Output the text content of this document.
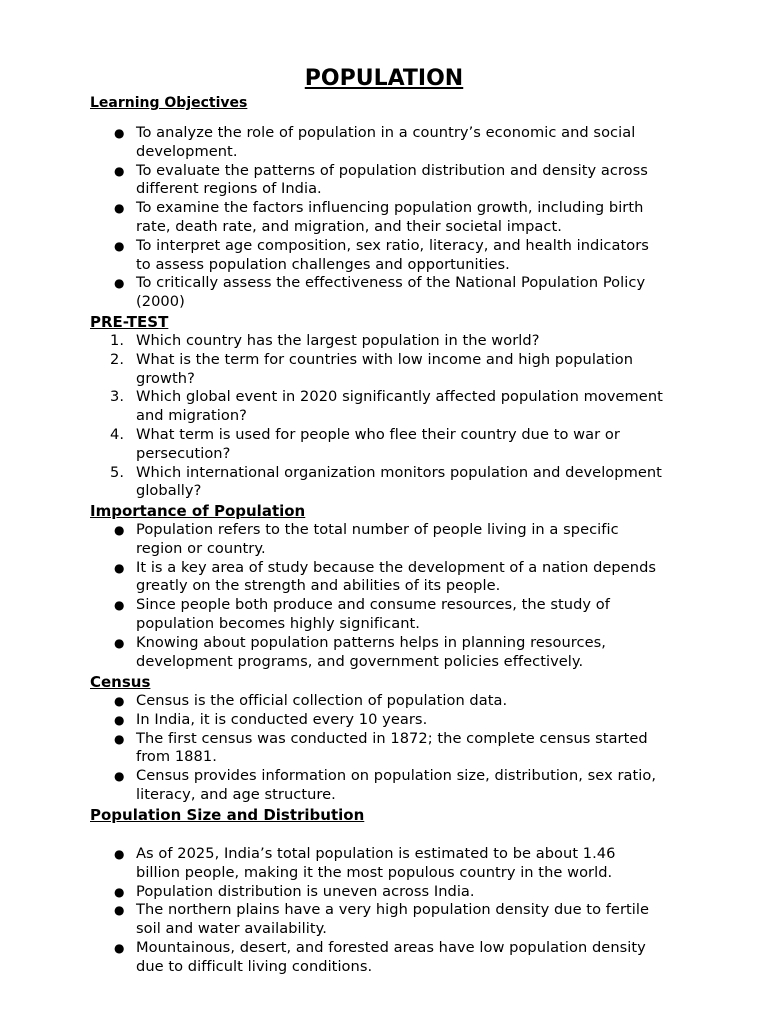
POPULATION

Learning Objectives

● To analyze the role of population in a country’s economic and social
development.
● To evaluate the patterns of population distribution and density across
different regions of India.
● To examine the factors influencing population growth, including birth
rate, death rate, and migration, and their societal impact.
● To interpret age composition, sex ratio, literacy, and health indicators
to assess population challenges and opportunities.
● To critically assess the effectiveness of the National Population Policy
(2000)

PRE-TEST

1. Which country has the largest population in the world?
2. What is the term for countries with low income and high population
growth?
3. Which global event in 2020 significantly affected population movement
and migration?
4. What term is used for people who flee their country due to war or
persecution?
5. Which international organization monitors population and development
globally?

Importance of Population

● Population refers to the total number of people living in a specific
region or country.
● It is a key area of study because the development of a nation depends
greatly on the strength and abilities of its people.
● Since people both produce and consume resources, the study of
population becomes highly significant.
● Knowing about population patterns helps in planning resources,
development programs, and government policies effectively.

Census

● Census is the official collection of population data.
● In India, it is conducted every 10 years.
● The first census was conducted in 1872; the complete census started
from 1881.
● Census provides information on population size, distribution, sex ratio,
literacy, and age structure.

Population Size and Distribution

● As of 2025, India’s total population is estimated to be about 1.46
billion people, making it the most populous country in the world.
● Population distribution is uneven across India.
● The northern plains have a very high population density due to fertile
soil and water availability.
● Mountainous, desert, and forested areas have low population density
due to difficult living conditions.
